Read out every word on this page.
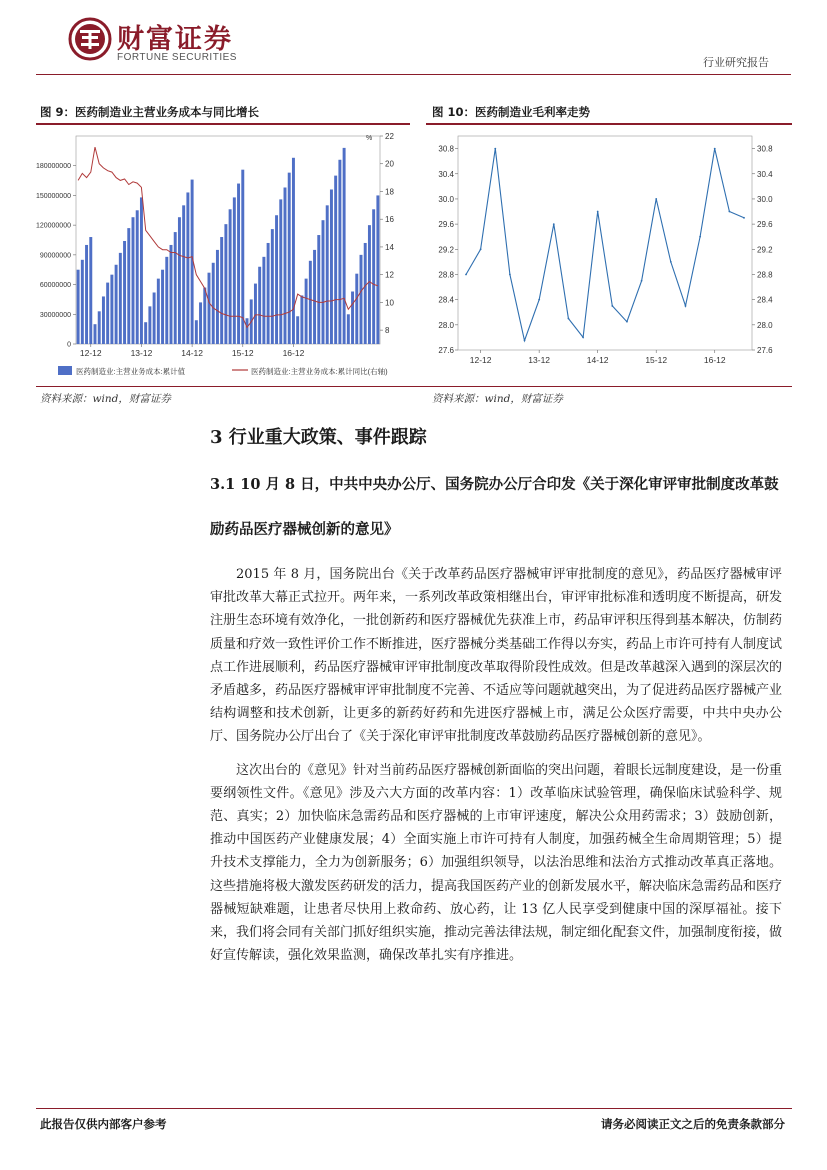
财富证券
FORTUNE SECURITIES	行业研究报告
图 9：医药制造业主营业务成本与同比增长	图 10：医药制造业毛利率走势
0
30000000
60000000
90000000
120000000
150000000
180000000
8
10
12
14
16
18
20
22
%
12-12	13-12	14-12	15-12	16-12
医药制造业:主营业务成本:累计值	医药制造业:主营业务成本:累计同比(右轴)
27.6	27.6
28.0	28.0
28.4	28.4
28.8	28.8
29.2	29.2
29.6	29.6
30.0	30.0
30.4	30.4
30.8	30.8
12-12	13-12	14-12	15-12	16-12
资料来源：wind，财富证券	资料来源：wind，财富证券
3 行业重大政策、事件跟踪
3.1 10 月 8 日，中共中央办公厅、国务院办公厅合印发《关于深化审评审批制度改革鼓励药品医疗器械创新的意见》

2015 年 8 月，国务院出台《关于改革药品医疗器械审评审批制度的意见》，药品医疗器械审评审批改革大幕正式拉开。两年来，一系列改革政策相继出台，审评审批标准和透明度不断提高，研发注册生态环境有效净化，一批创新药和医疗器械优先获准上市，药品审评积压得到基本解决，仿制药质量和疗效一致性评价工作不断推进，医疗器械分类基础工作得以夯实，药品上市许可持有人制度试点工作进展顺利，药品医疗器械审评审批制度改革取得阶段性成效。但是改革越深入遇到的深层次的矛盾越多，药品医疗器械审评审批制度不完善、不适应等问题就越突出，为了促进药品医疗器械产业结构调整和技术创新，让更多的新药好药和先进医疗器械上市，满足公众医疗需要，中共中央办公厅、国务院办公厅出台了《关于深化审评审批制度改革鼓励药品医疗器械创新的意见》。

这次出台的《意见》针对当前药品医疗器械创新面临的突出问题，着眼长远制度建设，是一份重要纲领性文件。《意见》涉及六大方面的改革内容：1）改革临床试验管理，确保临床试验科学、规范、真实；2）加快临床急需药品和医疗器械的上市审评速度，解决公众用药需求；3）鼓励创新，推动中国医药产业健康发展；4）全面实施上市许可持有人制度，加强药械全生命周期管理；5）提升技术支撑能力，全力为创新服务；6）加强组织领导，以法治思维和法治方式推动改革真正落地。这些措施将极大激发医药研发的活力，提高我国医药产业的创新发展水平，解决临床急需药品和医疗器械短缺难题，让患者尽快用上救命药、放心药，让 13 亿人民享受到健康中国的深厚福祉。接下来，我们将会同有关部门抓好组织实施，推动完善法律法规，制定细化配套文件，加强制度衔接，做好宣传解读，强化效果监测，确保改革扎实有序推进。

此报告仅供内部客户参考	请务必阅读正文之后的免责条款部分
